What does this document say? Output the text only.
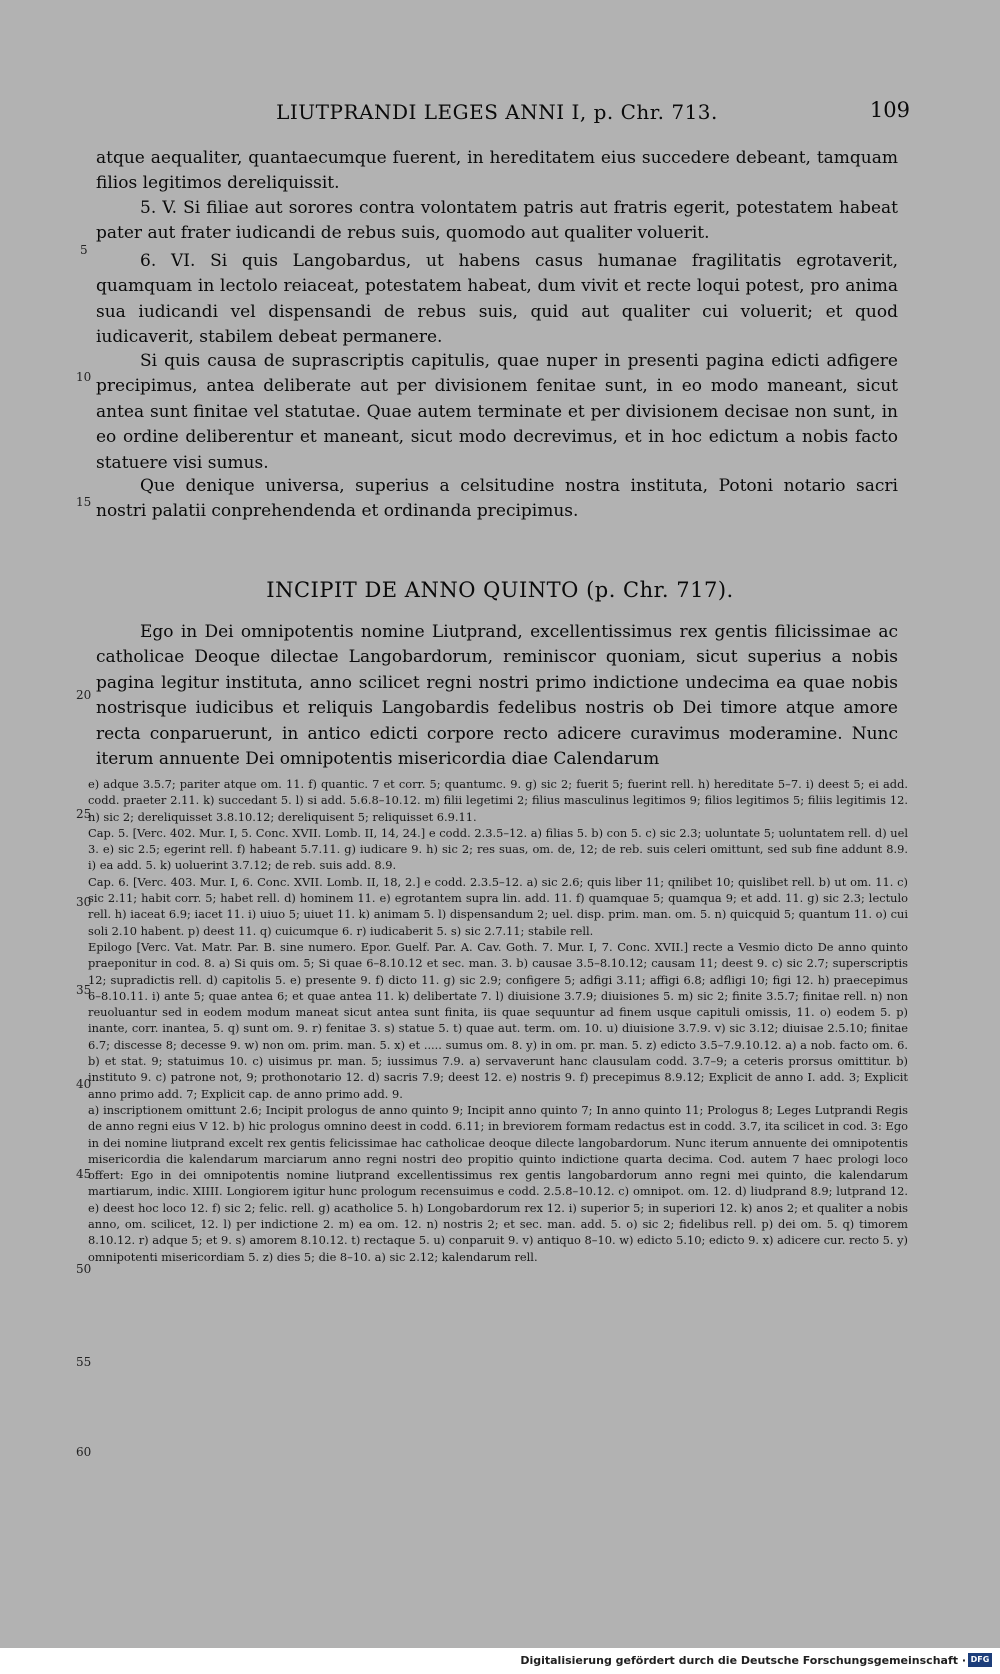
LIUTPRANDI LEGES ANNI I, p. Chr. 713.	109

atque aequaliter, quantaecumque fuerent, in hereditatem eius succedere debeant, tamquam filios legitimos dereliquissit.

5. V. Si filiae aut sorores contra volontatem patris aut fratris egerit, potestatem habeat pater aut frater iudicandi de rebus suis, quomodo aut qualiter voluerit.

6. VI. Si quis Langobardus, ut habens casus humanae fragilitatis egrotaverit, quamquam in lectolo reiaceat, potestatem habeat, dum vivit et recte loqui potest, pro anima sua iudicandi vel dispensandi de rebus suis, quid aut qualiter cui voluerit; et quod iudicaverit, stabilem debeat permanere.

Si quis causa de suprascriptis capitulis, quae nuper in presenti pagina edicti adfigere precipimus, antea deliberate aut per divisionem fenitae sunt, in eo modo maneant, sicut antea sunt finitae vel statutae. Quae autem terminate et per divisionem decisae non sunt, in eo ordine deliberentur et maneant, sicut modo decrevimus, et in hoc edictum a nobis facto statuere visi sumus.

Que denique universa, superius a celsitudine nostra instituta, Potoni notario sacri nostri palatii conprehendenda et ordinanda precipimus.

INCIPIT DE ANNO QUINTO (p. Chr. 717).

Ego in Dei omnipotentis nomine Liutprand, excellentissimus rex gentis filicissimae ac catholicae Deoque dilectae Langobardorum, reminiscor quoniam, sicut superius a nobis pagina legitur instituta, anno scilicet regni nostri primo indictione undecima ea quae nobis nostrisque iudicibus et reliquis Langobardis fedelibus nostris ob Dei timore atque amore recta conparuerunt, in antico edicti corpore recto adicere curavimus moderamine. Nunc iterum annuente Dei omnipotentis misericordia diae Calendarum

5
10
15
20
25
30
35
40
45
50
55
60

e) adque 3.5.7; pariter atque om. 11. f) quantic. 7 et corr. 5; quantumc. 9. g) sic 2; fuerit 5; fuerint rell. h) hereditate 5–7. i) deest 5; ei add. codd. praeter 2.11. k) succedant 5. l) si add. 5.6.8–10.12. m) filii legetimi 2; filius masculinus legitimos 9; filios legitimos 5; filiis legitimis 12. n) sic 2; dereliquisset 3.8.10.12; dereliquisent 5; reliquisset 6.9.11.

Cap. 5. [Verc. 402. Mur. I, 5. Conc. XVII. Lomb. II, 14, 24.] e codd. 2.3.5–12. a) filias 5. b) con 5. c) sic 2.3; uoluntate 5; uoluntatem rell. d) uel 3. e) sic 2.5; egerint rell. f) habeant 5.7.11. g) iudicare 9. h) sic 2; res suas, om. de, 12; de reb. suis celeri omittunt, sed sub fine addunt 8.9. i) ea add. 5. k) uoluerint 3.7.12; de reb. suis add. 8.9.

Cap. 6. [Verc. 403. Mur. I, 6. Conc. XVII. Lomb. II, 18, 2.] e codd. 2.3.5–12. a) sic 2.6; quis liber 11; qnilibet 10; quislibet rell. b) ut om. 11. c) sic 2.11; habit corr. 5; habet rell. d) hominem 11. e) egrotantem supra lin. add. 11. f) quamquae 5; quamqua 9; et add. 11. g) sic 2.3; lectulo rell. h) iaceat 6.9; iacet 11. i) uiuo 5; uiuet 11. k) animam 5. l) dispensandum 2; uel. disp. prim. man. om. 5. n) quicquid 5; quantum 11. o) cui soli 2.10 habent. p) deest 11. q) cuicumque 6. r) iudicaberit 5. s) sic 2.7.11; stabile rell.

Epilogo [Verc. Vat. Matr. Par. B. sine numero. Epor. Guelf. Par. A. Cav. Goth. 7. Mur. I, 7. Conc. XVII.] recte a Vesmio dicto De anno quinto praeponitur in cod. 8. a) Si quis om. 5; Si quae 6–8.10.12 et sec. man. 3. b) causae 3.5–8.10.12; causam 11; deest 9. c) sic 2.7; superscriptis 12; supradictis rell. d) capitolis 5. e) presente 9. f) dicto 11. g) sic 2.9; configere 5; adfigi 3.11; affigi 6.8; adfligi 10; figi 12. h) praecepimus 6–8.10.11. i) ante 5; quae antea 6; et quae antea 11. k) delibertate 7. l) diuisione 3.7.9; diuisiones 5. m) sic 2; finite 3.5.7; finitae rell. n) non reuoluantur sed in eodem modum maneat sicut antea sunt finita, iis quae sequuntur ad finem usque capituli omissis, 11. o) eodem 5. p) inante, corr. inantea, 5. q) sunt om. 9. r) fenitae 3. s) statue 5. t) quae aut. term. om. 10. u) diuisione 3.7.9. v) sic 3.12; diuisae 2.5.10; finitae 6.7; discesse 8; decesse 9. w) non om. prim. man. 5. x) et ..... sumus om. 8. y) in om. pr. man. 5. z) edicto 3.5–7.9.10.12. a) a nob. facto om. 6. b) et stat. 9; statuimus 10. c) uisimus pr. man. 5; iussimus 7.9. a) servaverunt hanc clausulam codd. 3.7–9; a ceteris prorsus omittitur. b) instituto 9. c) patrone not, 9; prothonotario 12. d) sacris 7.9; deest 12. e) nostris 9. f) precepimus 8.9.12; Explicit de anno I. add. 3; Explicit anno primo add. 7; Explicit cap. de anno primo add. 9.

a) inscriptionem omittunt 2.6; Incipit prologus de anno quinto 9; Incipit anno quinto 7; In anno quinto 11; Prologus 8; Leges Lutprandi Regis de anno regni eius V 12. b) hic prologus omnino deest in codd. 6.11; in breviorem formam redactus est in codd. 3.7, ita scilicet in cod. 3: Ego in dei nomine liutprand excelt rex gentis felicissimae hac catholicae deoque dilecte langobardorum. Nunc iterum annuente dei omnipotentis misericordia die kalendarum marciarum anno regni nostri deo propitio quinto indictione quarta decima. Cod. autem 7 haec prologi loco offert: Ego in dei omnipotentis nomine liutprand excellentissimus rex gentis langobardorum anno regni mei quinto, die kalendarum martiarum, indic. XIIII. Longiorem igitur hunc prologum recensuimus e codd. 2.5.8–10.12. c) omnipot. om. 12. d) liudprand 8.9; lutprand 12. e) deest hoc loco 12. f) sic 2; felic. rell. g) acatholice 5. h) Longobardorum rex 12. i) superior 5; in superiori 12. k) anos 2; et qualiter a nobis anno, om. scilicet, 12. l) per indictione 2. m) ea om. 12. n) nostris 2; et sec. man. add. 5. o) sic 2; fidelibus rell. p) dei om. 5. q) timorem 8.10.12. r) adque 5; et 9. s) amorem 8.10.12. t) rectaque 5. u) conparuit 9. v) antiquo 8–10. w) edicto 5.10; edicto 9. x) adicere cur. recto 5. y) omnipotenti misericordiam 5. z) dies 5; die 8–10. a) sic 2.12; kalendarum rell.

Digitalisierung gefördert durch die Deutsche Forschungsgemeinschaft · DFG
